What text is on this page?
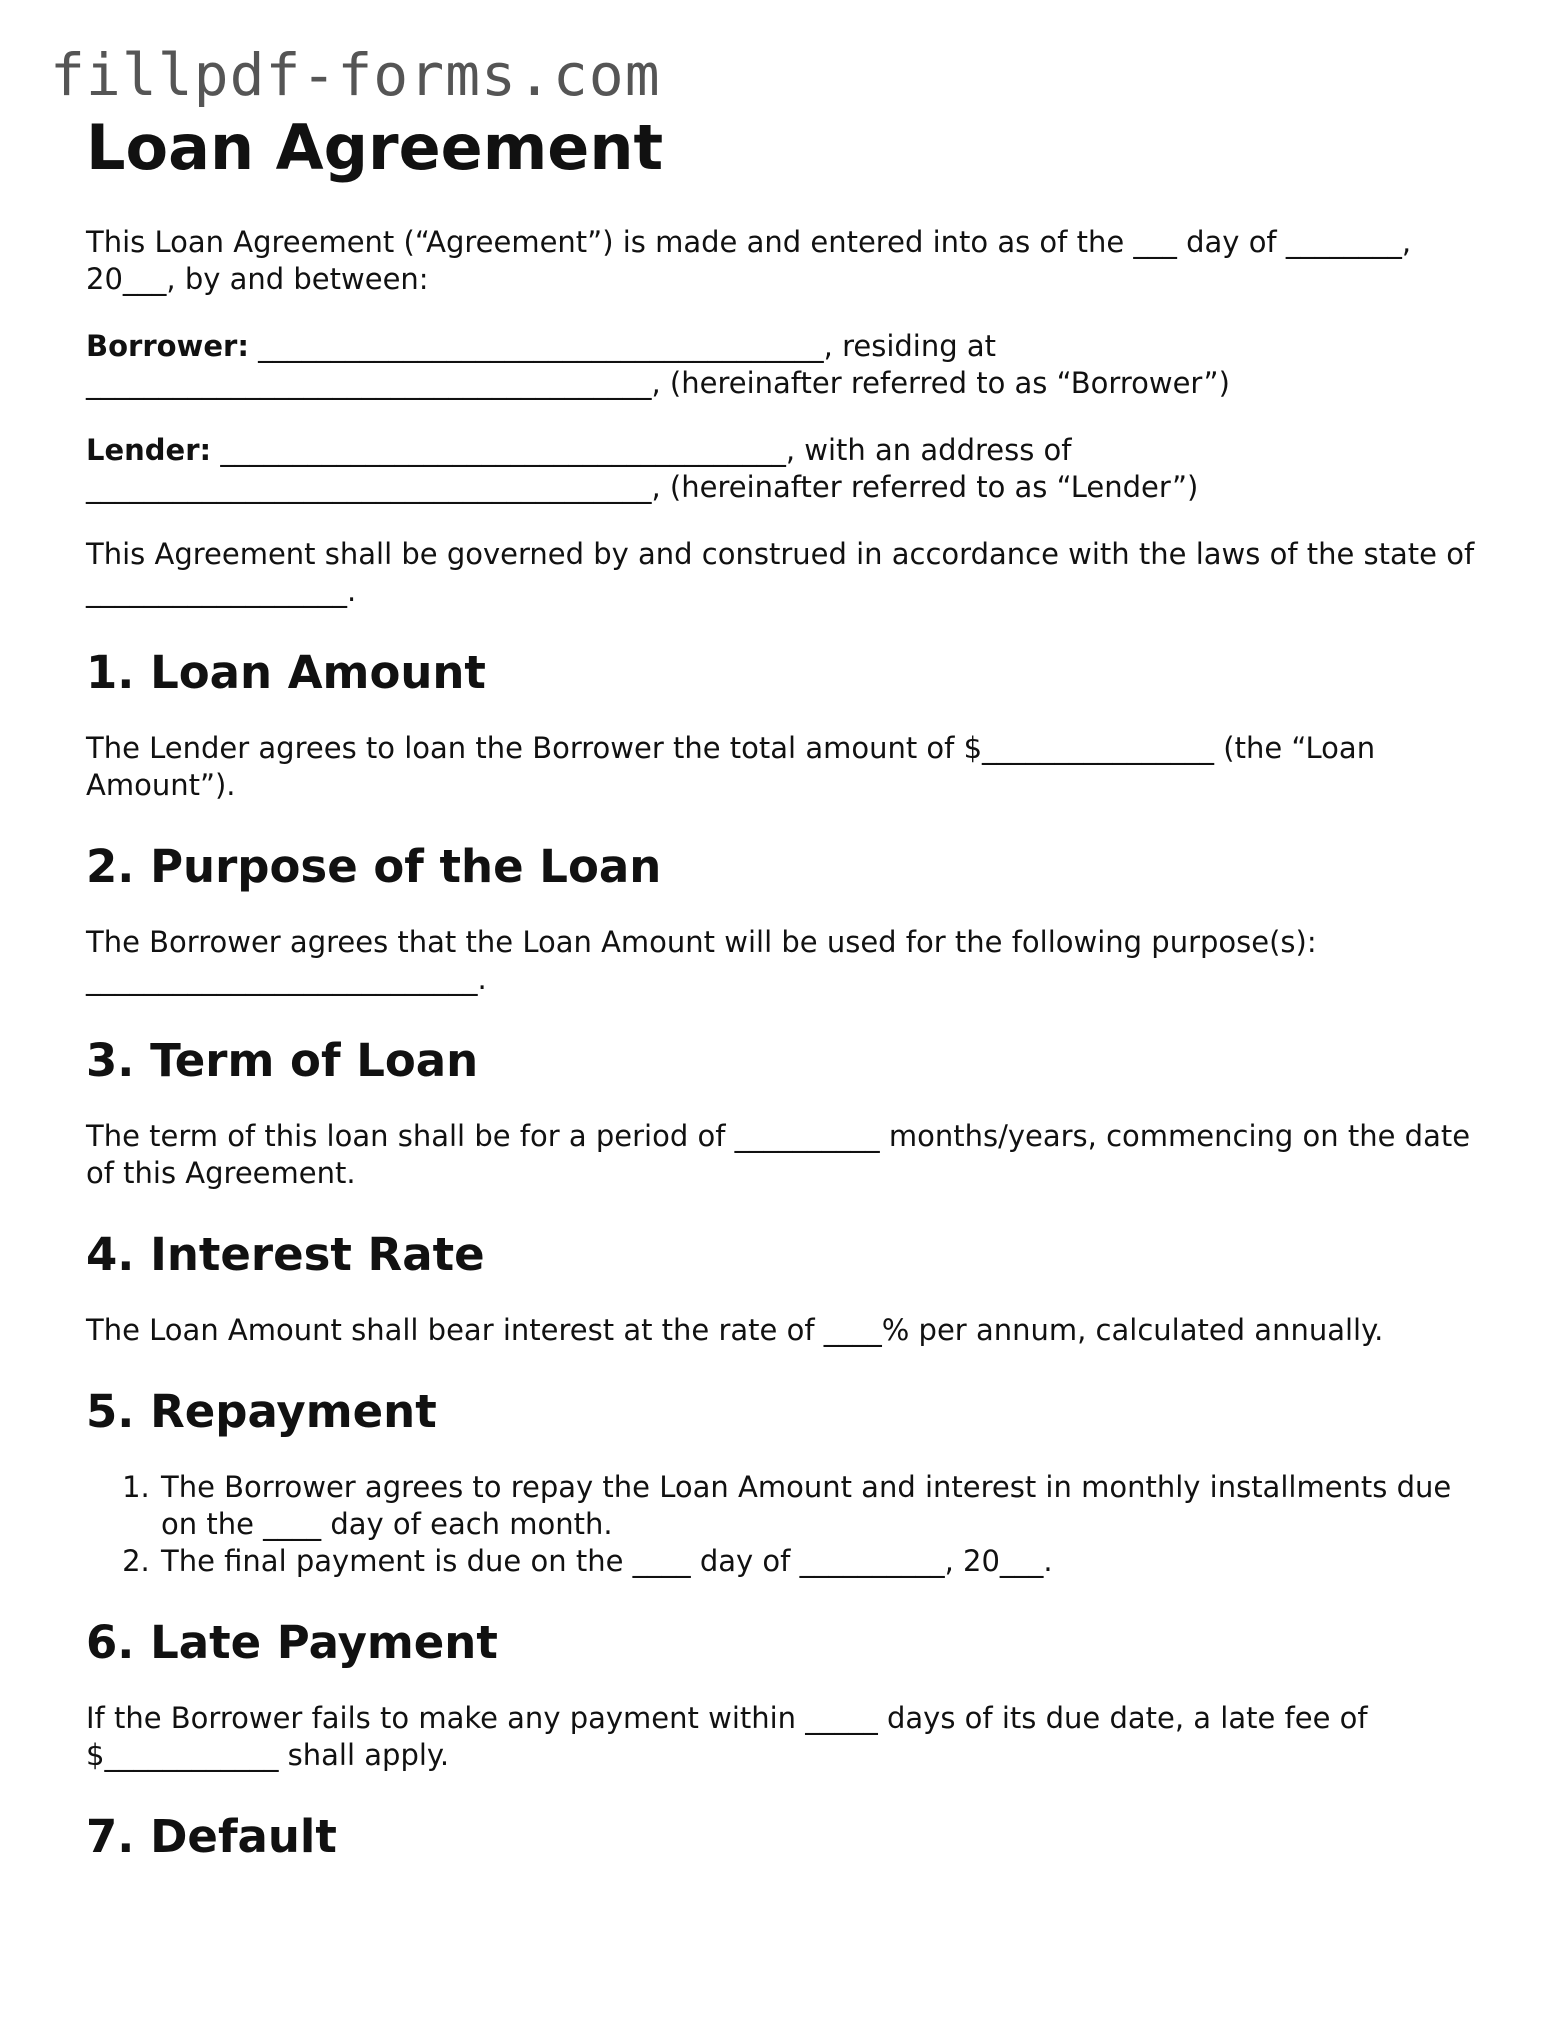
fillpdf-forms.com
Loan Agreement

This Loan Agreement (“Agreement”) is made and entered into as of the ___ day of ________, 20___, by and between:

Borrower: _______________________________________, residing at _______________________________________, (hereinafter referred to as “Borrower”)

Lender: _______________________________________, with an address of _______________________________________, (hereinafter referred to as “Lender”)

This Agreement shall be governed by and construed in accordance with the laws of the state of __________________.

1. Loan Amount

The Lender agrees to loan the Borrower the total amount of $________________ (the “Loan Amount”).

2. Purpose of the Loan

The Borrower agrees that the Loan Amount will be used for the following purpose(s): ___________________________.

3. Term of Loan

The term of this loan shall be for a period of __________ months/years, commencing on the date of this Agreement.

4. Interest Rate

The Loan Amount shall bear interest at the rate of ____% per annum, calculated annually.

5. Repayment
1. The Borrower agrees to repay the Loan Amount and interest in monthly installments due on the ____ day of each month.
2. The final payment is due on the ____ day of __________, 20___.
6. Late Payment

If the Borrower fails to make any payment within _____ days of its due date, a late fee of $____________ shall apply.

7. Default
